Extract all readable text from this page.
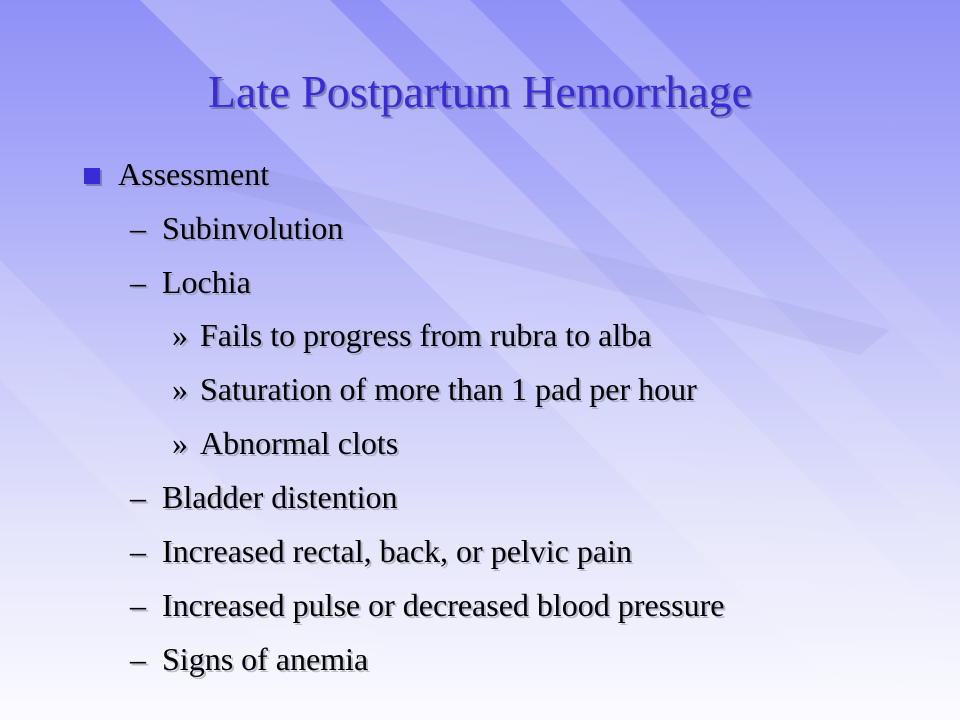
Late Postpartum Hemorrhage
Assessment
– Subinvolution
– Lochia
» Fails to progress from rubra to alba
» Saturation of more than 1 pad per hour
» Abnormal clots
– Bladder distention
– Increased rectal, back, or pelvic pain
– Increased pulse or decreased blood pressure
– Signs of anemia
